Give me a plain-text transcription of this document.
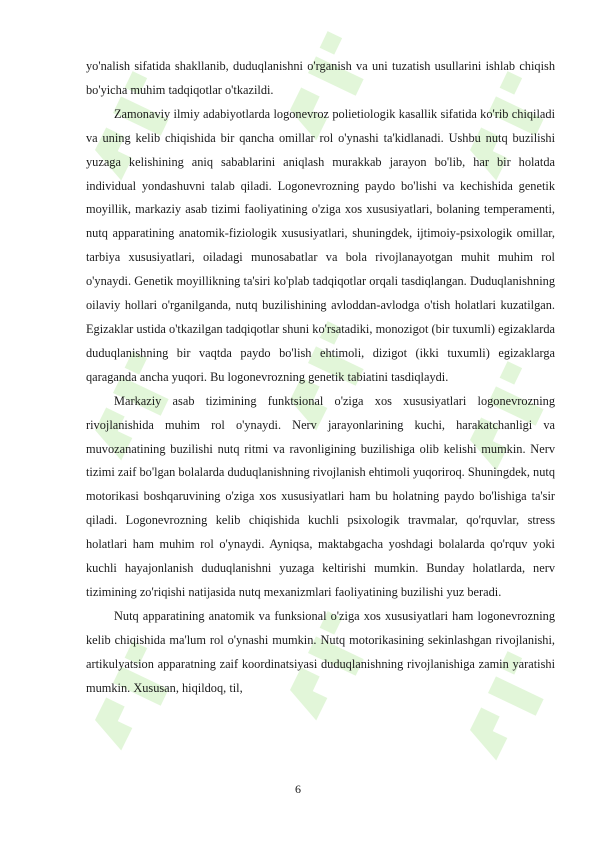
yo'nalish sifatida shakllanib, duduqlanishni o'rganish va uni tuzatish usullarini ishlab chiqish bo'yicha muhim tadqiqotlar o'tkazildi.

Zamonaviy ilmiy adabiyotlarda logonevroz polietiologik kasallik sifatida ko'rib chiqiladi va uning kelib chiqishida bir qancha omillar rol o'ynashi ta'kidlanadi. Ushbu nutq buzilishi yuzaga kelishining aniq sabablarini aniqlash murakkab jarayon bo'lib, har bir holatda individual yondashuvni talab qiladi. Logonevrozning paydo bo'lishi va kechishida genetik moyillik, markaziy asab tizimi faoliyatining o'ziga xos xususiyatlari, bolaning temperamenti, nutq apparatining anatomik-fiziologik xususiyatlari, shuningdek, ijtimoiy-psixologik omillar, tarbiya xususiyatlari, oiladagi munosabatlar va bola rivojlanayotgan muhit muhim rol o'ynaydi. Genetik moyillikning ta'siri ko'plab tadqiqotlar orqali tasdiqlangan. Duduqlanishning oilaviy hollari o'rganilganda, nutq buzilishining avloddan-avlodga o'tish holatlari kuzatilgan. Egizaklar ustida o'tkazilgan tadqiqotlar shuni ko'rsatadiki, monozigot (bir tuxumli) egizaklarda duduqlanishning bir vaqtda paydo bo'lish ehtimoli, dizigot (ikki tuxumli) egizaklarga qaraganda ancha yuqori. Bu logonevrozning genetik tabiatini tasdiqlaydi.

Markaziy asab tizimining funktsional o'ziga xos xususiyatlari logonevrozning rivojlanishida muhim rol o'ynaydi. Nerv jarayonlarining kuchi, harakatchanligi va muvozanatining buzilishi nutq ritmi va ravonligining buzilishiga olib kelishi mumkin. Nerv tizimi zaif bo'lgan bolalarda duduqlanishning rivojlanish ehtimoli yuqoriroq. Shuningdek, nutq motorikasi boshqaruvining o'ziga xos xususiyatlari ham bu holatning paydo bo'lishiga ta'sir qiladi. Logonevrozning kelib chiqishida kuchli psixologik travmalar, qo'rquvlar, stress holatlari ham muhim rol o'ynaydi. Ayniqsa, maktabgacha yoshdagi bolalarda qo'rquv yoki kuchli hayajonlanish duduqlanishni yuzaga keltirishi mumkin. Bunday holatlarda, nerv tizimining zo'riqishi natijasida nutq mexanizmlari faoliyatining buzilishi yuz beradi.

Nutq apparatining anatomik va funksional o'ziga xos xususiyatlari ham logonevrozning kelib chiqishida ma'lum rol o'ynashi mumkin. Nutq motorikasining sekinlashgan rivojlanishi, artikulyatsion apparatning zaif koordinatsiyasi duduqlanishning rivojlanishiga zamin yaratishi mumkin. Xususan, hiqildoq, til,

6
